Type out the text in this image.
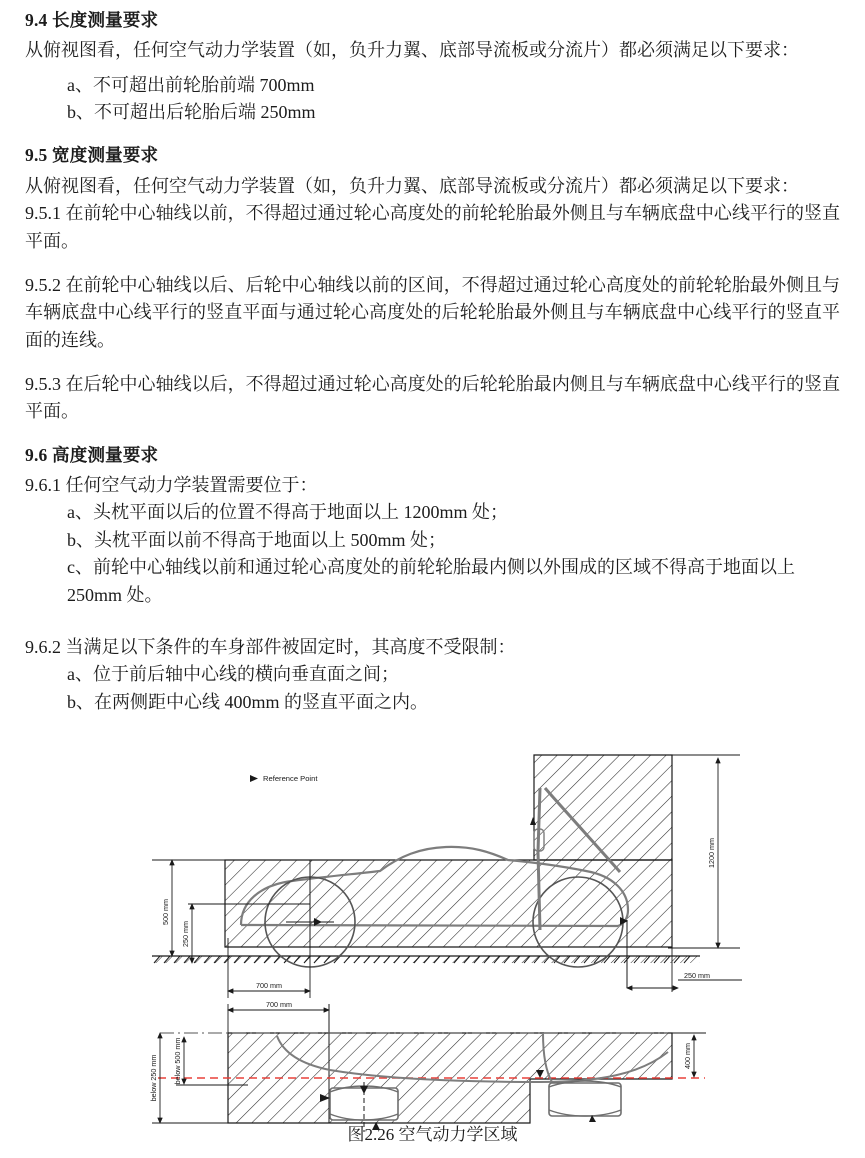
9.4 长度测量要求

从俯视图看，任何空气动力学装置（如，负升力翼、底部导流板或分流片）都必须满足以下要求：

a、不可超出前轮胎前端 700mm

b、不可超出后轮胎后端 250mm

9.5 宽度测量要求

从俯视图看，任何空气动力学装置（如，负升力翼、底部导流板或分流片）都必须满足以下要求：

9.5.1 在前轮中心轴线以前，不得超过通过轮心高度处的前轮轮胎最外侧且与车辆底盘中心线平行的竖直平面。

9.5.2 在前轮中心轴线以后、后轮中心轴线以前的区间，不得超过通过轮心高度处的前轮轮胎最外侧且与车辆底盘中心线平行的竖直平面与通过轮心高度处的后轮轮胎最外侧且与车辆底盘中心线平行的竖直平面的连线。

9.5.3 在后轮中心轴线以后，不得超过通过轮心高度处的后轮轮胎最内侧且与车辆底盘中心线平行的竖直平面。

9.6 高度测量要求

9.6.1 任何空气动力学装置需要位于：

a、头枕平面以后的位置不得高于地面以上 1200mm 处；

b、头枕平面以前不得高于地面以上 500mm 处；

c、前轮中心轴线以前和通过轮心高度处的前轮轮胎最内侧以外围成的区域不得高于地面以上 250mm 处。

9.6.2 当满足以下条件的车身部件被固定时，其高度不受限制：

a、位于前后轴中心线的横向垂直面之间；

b、在两侧距中心线 400mm 的竖直平面之内。

Reference Point
500 mm
250 mm
1200 mm
250 mm
700 mm
700 mm
below 250 mm below 500 mm	400 mm
图2.26 空气动力学区域
